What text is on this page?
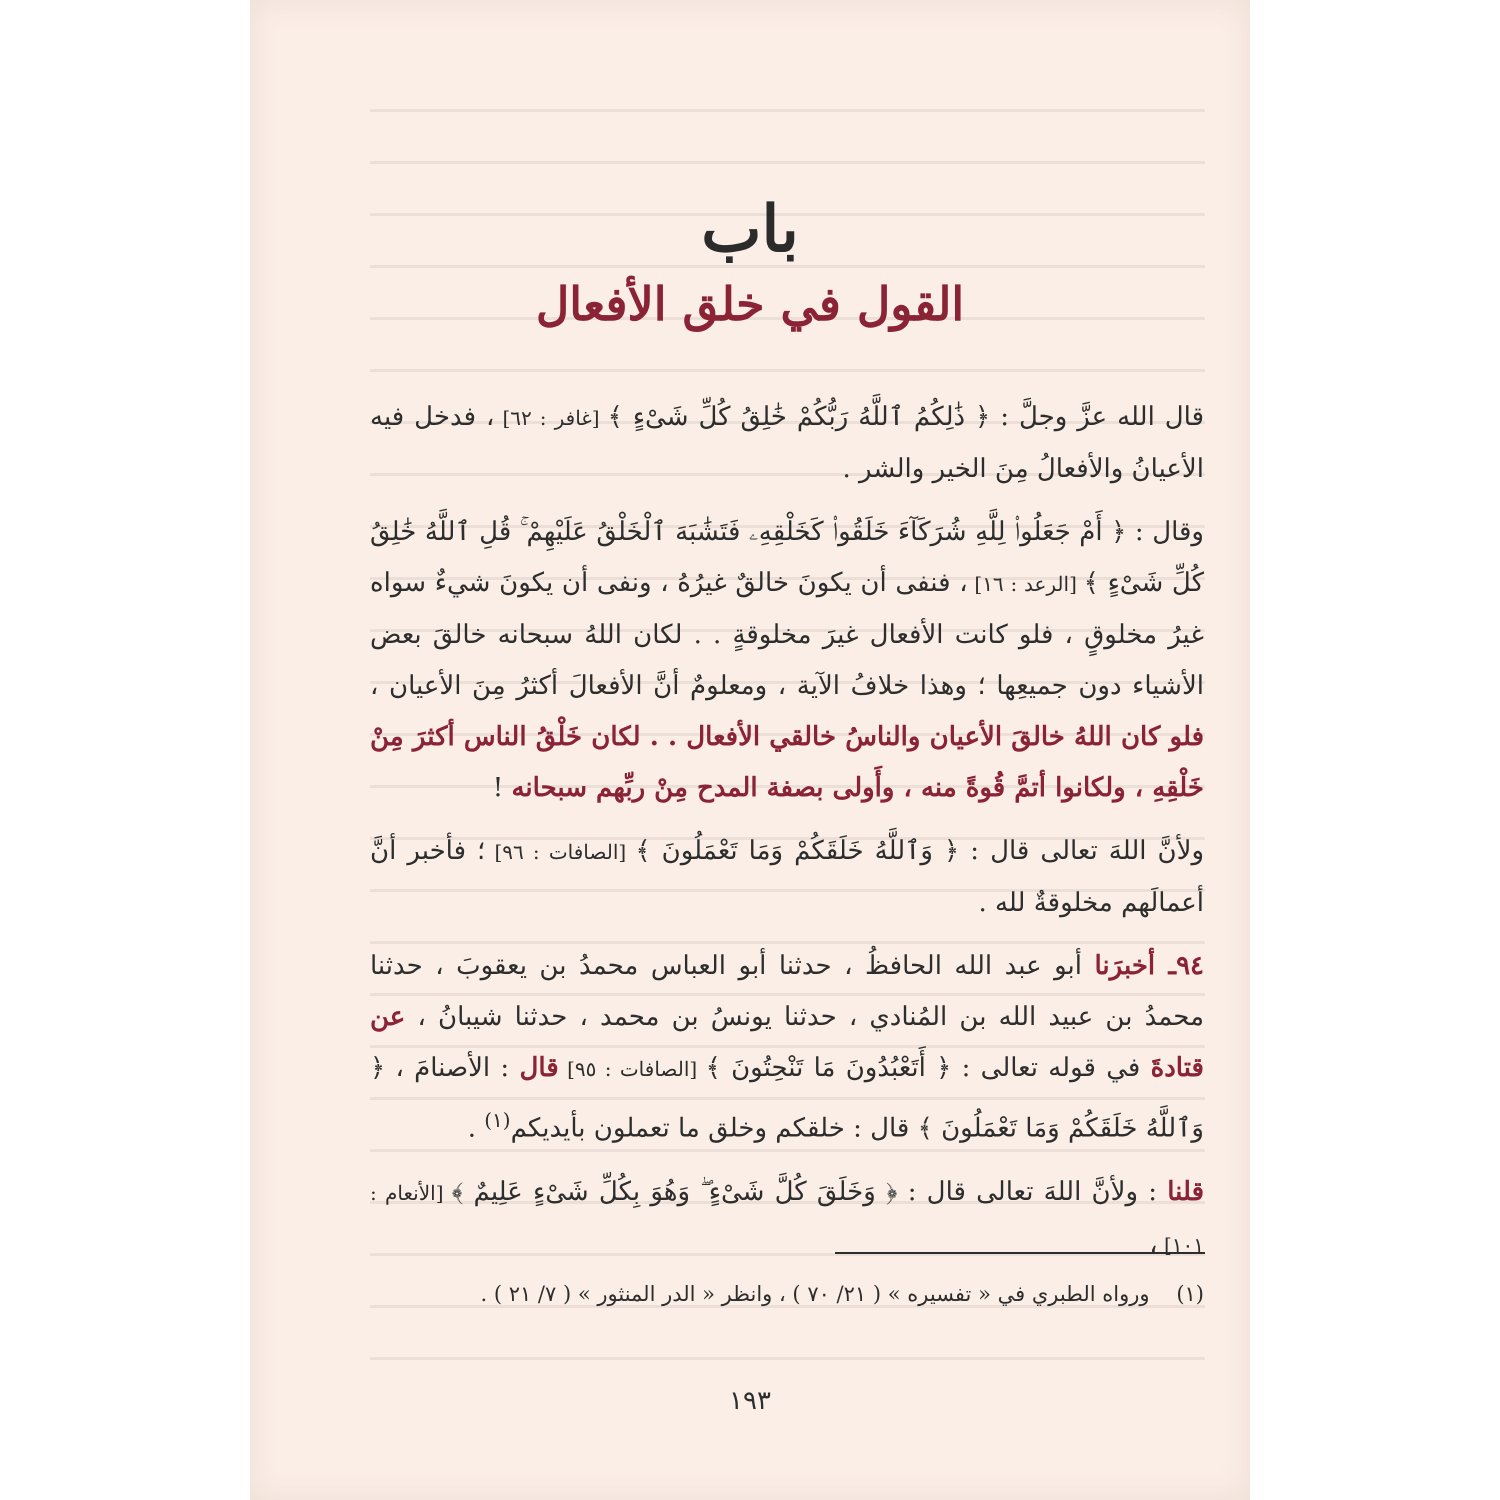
باب
القول في خلق الأفعال

قال الله عزَّ وجلَّ : ﴿ ذَٰلِكُمُ ٱللَّهُ رَبُّكُمْ خَٰلِقُ كُلِّ شَىْءٍ ﴾ [غافر : ٦٢] ، فدخل فيه الأعيانُ والأفعالُ مِنَ الخير والشر .

وقال : ﴿ أَمْ جَعَلُوا۟ لِلَّهِ شُرَكَآءَ خَلَقُوا۟ كَخَلْقِهِۦ فَتَشَٰبَهَ ٱلْخَلْقُ عَلَيْهِمْ ۚ قُلِ ٱللَّهُ خَٰلِقُ كُلِّ شَىْءٍ ﴾ [الرعد : ١٦] ، فنفى أن يكونَ خالقٌ غيرُهُ ، ونفى أن يكونَ شيءٌ سواه غيرُ مخلوقٍ ، فلو كانت الأفعال غيرَ مخلوقةٍ . . لكان اللهُ سبحانه خالقَ بعض الأشياء دون جميعِها ؛ وهذا خلافُ الآية ، ومعلومٌ أنَّ الأفعالَ أكثرُ مِنَ الأعيان ، فلو كان اللهُ خالقَ الأعيان والناسُ خالقي الأفعال . . لكان خَلْقُ الناس أكثرَ مِنْ خَلْقِهِ ، ولكانوا أتمَّ قُوةً منه ، وأَولى بصفة المدح مِنْ ربِّهم سبحانه !

ولأنَّ اللهَ تعالى قال : ﴿ وَٱللَّهُ خَلَقَكُمْ وَمَا تَعْمَلُونَ ﴾ [الصافات : ٩٦] ؛ فأخبر أنَّ أعمالَهم مخلوقةٌ لله .

٩٤ـ أخبرَنا أبو عبد الله الحافظُ ، حدثنا أبو العباس محمدُ بن يعقوبَ ، حدثنا محمدُ بن عبيد الله بن المُنادي ، حدثنا يونسُ بن محمد ، حدثنا شيبانُ ، عن قتادةَ في قوله تعالى : ﴿ أَتَعْبُدُونَ مَا تَنْحِتُونَ ﴾ [الصافات : ٩٥] قال : الأصنامَ ، ﴿ وَٱللَّهُ خَلَقَكُمْ وَمَا تَعْمَلُونَ ﴾ قال : خلقكم وخلق ما تعملون بأيديكم$^{(١)}$ .

قلنا : ولأنَّ اللهَ تعالى قال : ﴿ وَخَلَقَ كُلَّ شَىْءٍ ۖ وَهُوَ بِكُلِّ شَىْءٍ عَلِيمٌ ﴾ [الأنعام : ١٠١] ،

(١)    ورواه الطبري في « تفسيره » ( ٢١/ ٧٠ ) ، وانظر « الدر المنثور » ( ٧/ ٢١ ) .
١٩٣
